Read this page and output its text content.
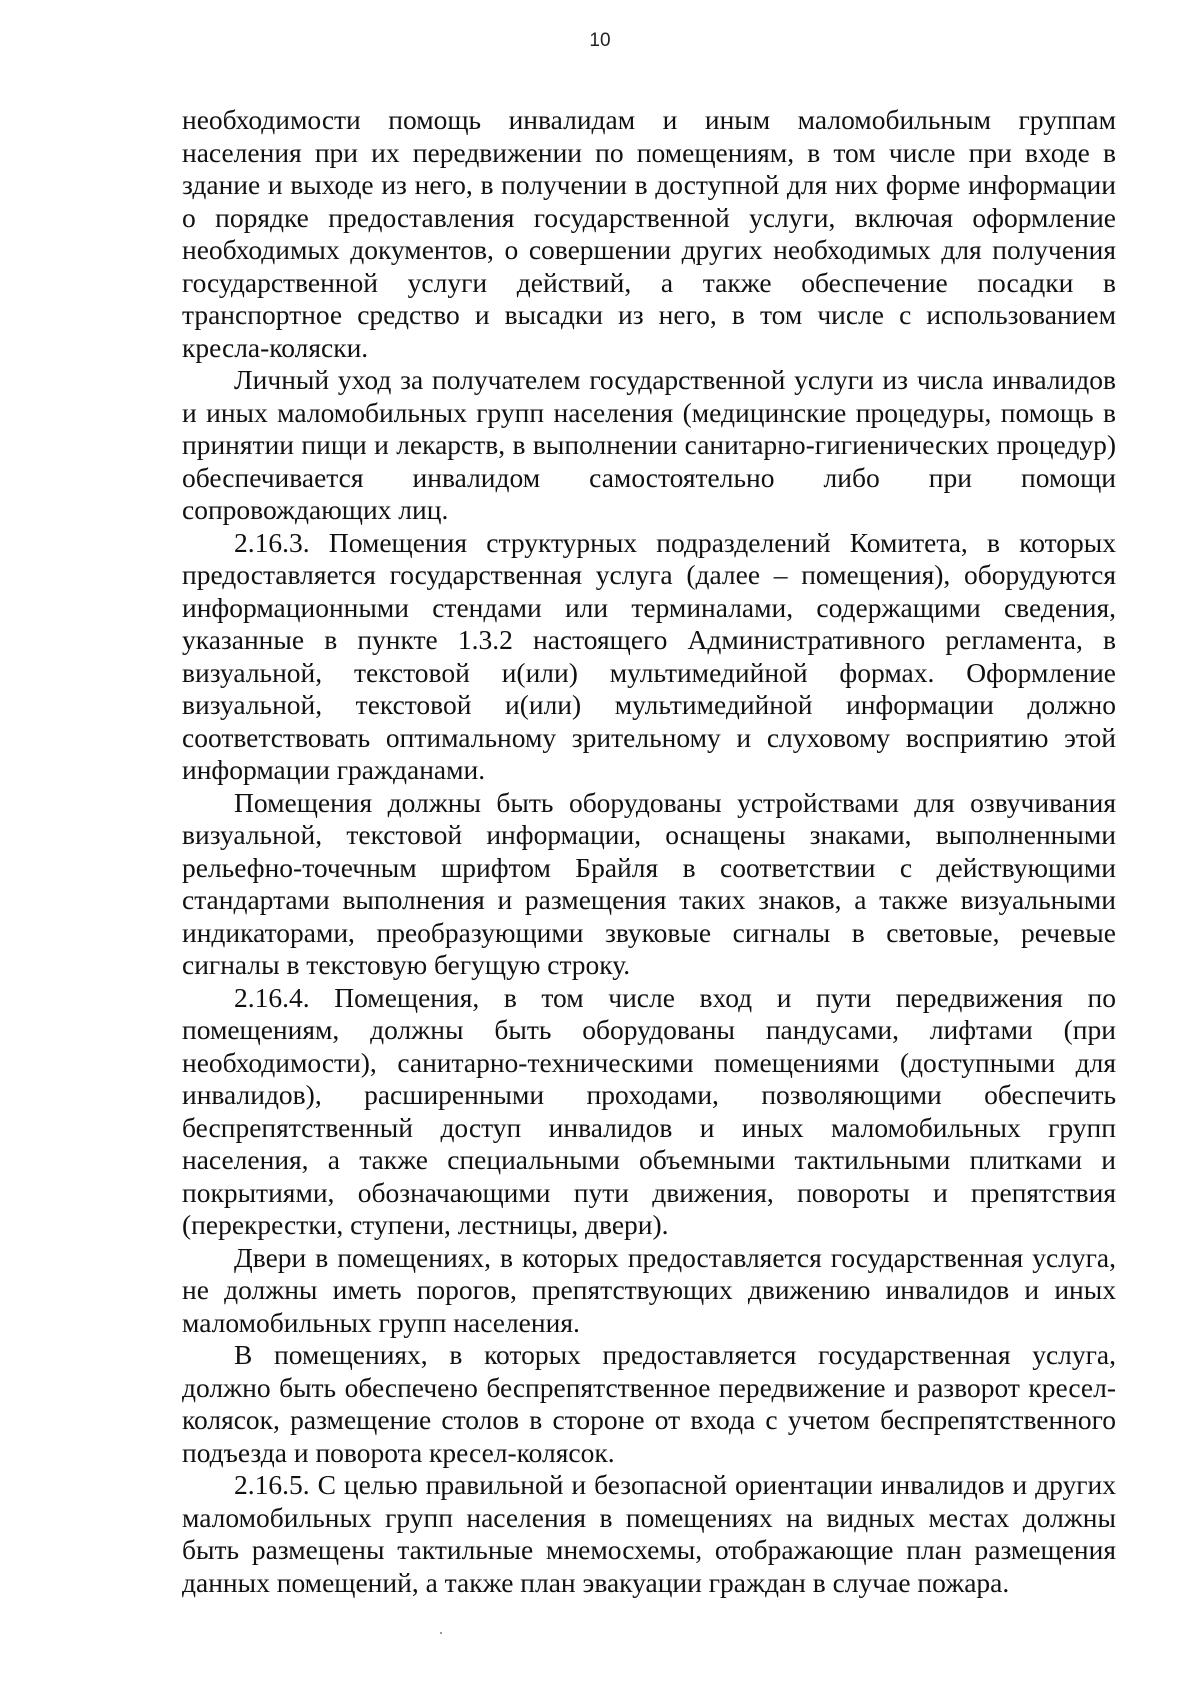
10

необходимости помощь инвалидам и иным маломобильным группам населения при их передвижении по помещениям, в том числе при входе в здание и выходе из него, в получении в доступной для них форме информации о порядке предоставления государственной услуги, включая оформление необходимых документов, о совершении других необходимых для получения государственной услуги действий, а также обеспечение посадки в транспортное средство и высадки из него, в том числе с использованием кресла-коляски.

Личный уход за получателем государственной услуги из числа инвалидов и иных маломобильных групп населения (медицинские процедуры, помощь в принятии пищи и лекарств, в выполнении санитарно-гигиенических процедур) обеспечивается инвалидом самостоятельно либо при помощи сопровождающих лиц.

2.16.3. Помещения структурных подразделений Комитета, в которых предоставляется государственная услуга (далее – помещения), оборудуются информационными стендами или терминалами, содержащими сведения, указанные в пункте 1.3.2 настоящего Административного регламента, в визуальной, текстовой и(или) мультимедийной формах. Оформление визуальной, текстовой и(или) мультимедийной информации должно соответствовать оптимальному зрительному и слуховому восприятию этой информации гражданами.

Помещения должны быть оборудованы устройствами для озвучивания визуальной, текстовой информации, оснащены знаками, выполненными рельефно-точечным шрифтом Брайля в соответствии с действующими стандартами выполнения и размещения таких знаков, а также визуальными индикаторами, преобразующими звуковые сигналы в световые, речевые сигналы в текстовую бегущую строку.

2.16.4. Помещения, в том числе вход и пути передвижения по помещениям, должны быть оборудованы пандусами, лифтами (при необходимости), санитарно-техническими помещениями (доступными для инвалидов), расширенными проходами, позволяющими обеспечить беспрепятственный доступ инвалидов и иных маломобильных групп населения, а также специальными объемными тактильными плитками и покрытиями, обозначающими пути движения, повороты и препятствия (перекрестки, ступени, лестницы, двери).

Двери в помещениях, в которых предоставляется государственная услуга, не должны иметь порогов, препятствующих движению инвалидов и иных маломобильных групп населения.

В помещениях, в которых предоставляется государственная услуга, должно быть обеспечено беспрепятственное передвижение и разворот кресел-колясок, размещение столов в стороне от входа с учетом беспрепятственного подъезда и поворота кресел-колясок.

2.16.5. С целью правильной и безопасной ориентации инвалидов и других маломобильных групп населения в помещениях на видных местах должны быть размещены тактильные мнемосхемы, отображающие план размещения данных помещений, а также план эвакуации граждан в случае пожара.
